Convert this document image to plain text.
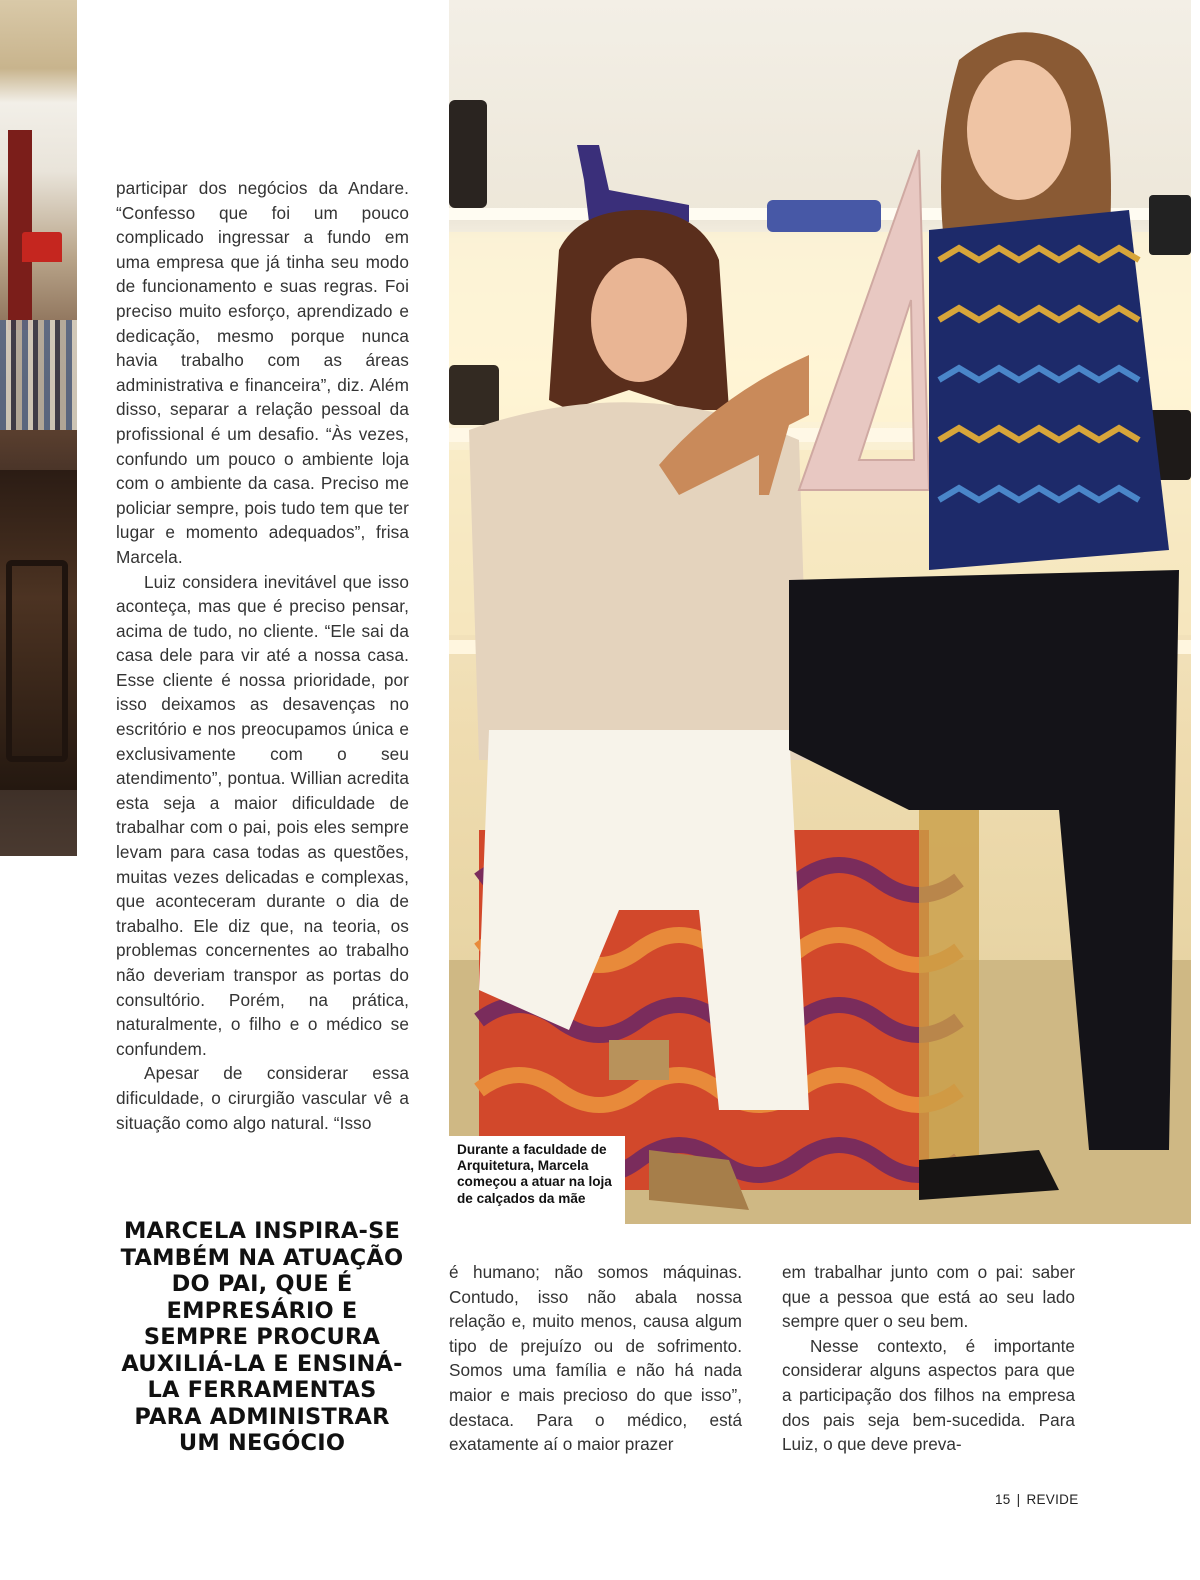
participar dos negócios da Andare. “Confesso que foi um pouco complicado ingressar a fundo em uma empresa que já tinha seu modo de funcionamento e suas regras. Foi preciso muito esforço, aprendizado e dedicação, mesmo porque nunca havia trabalho com as áreas administrativa e financeira”, diz. Além disso, separar a relação pessoal da profissional é um desafio. “Às vezes, confundo um pouco o ambiente loja com o ambiente da casa. Preciso me policiar sempre, pois tudo tem que ter lugar e momento adequados”, frisa Marcela.

Luiz considera inevitável que isso aconteça, mas que é preciso pensar, acima de tudo, no cliente. “Ele sai da casa dele para vir até a nossa casa. Esse cliente é nossa prioridade, por isso deixamos as desavenças no escritório e nos preocupamos única e exclusivamente com o seu atendimento”, pontua. Willian acredita esta seja a maior dificuldade de trabalhar com o pai, pois eles sempre levam para casa todas as questões, muitas vezes delicadas e complexas, que aconteceram durante o dia de trabalho. Ele diz que, na teoria, os problemas concernentes ao trabalho não deveriam transpor as portas do consultório. Porém, na prática, naturalmente, o filho e o médico se confundem.

Apesar de considerar essa dificuldade, o cirurgião vascular vê a situação como algo natural. “Isso

MARCELA INSPIRA-SE TAMBÉM NA ATUAÇÃO DO PAI, QUE É EMPRESÁRIO E SEMPRE PROCURA AUXILIÁ-LA E ENSINÁ-LA FERRAMENTAS PARA ADMINISTRAR UM NEGÓCIO
Durante a faculdade de Arquitetura, Marcela começou a atuar na loja de calçados da mãe

é humano; não somos máquinas. Contudo, isso não abala nossa relação e, muito menos, causa algum tipo de prejuízo ou de sofrimento. Somos uma família e não há nada maior e mais precioso do que isso”, destaca. Para o médico, está exatamente aí o maior prazer

em trabalhar junto com o pai: saber que a pessoa que está ao seu lado sempre quer o seu bem.

Nesse contexto, é importante considerar alguns aspectos para que a participação dos filhos na empresa dos pais seja bem-sucedida. Para Luiz, o que deve preva-

15 | REVIDE
